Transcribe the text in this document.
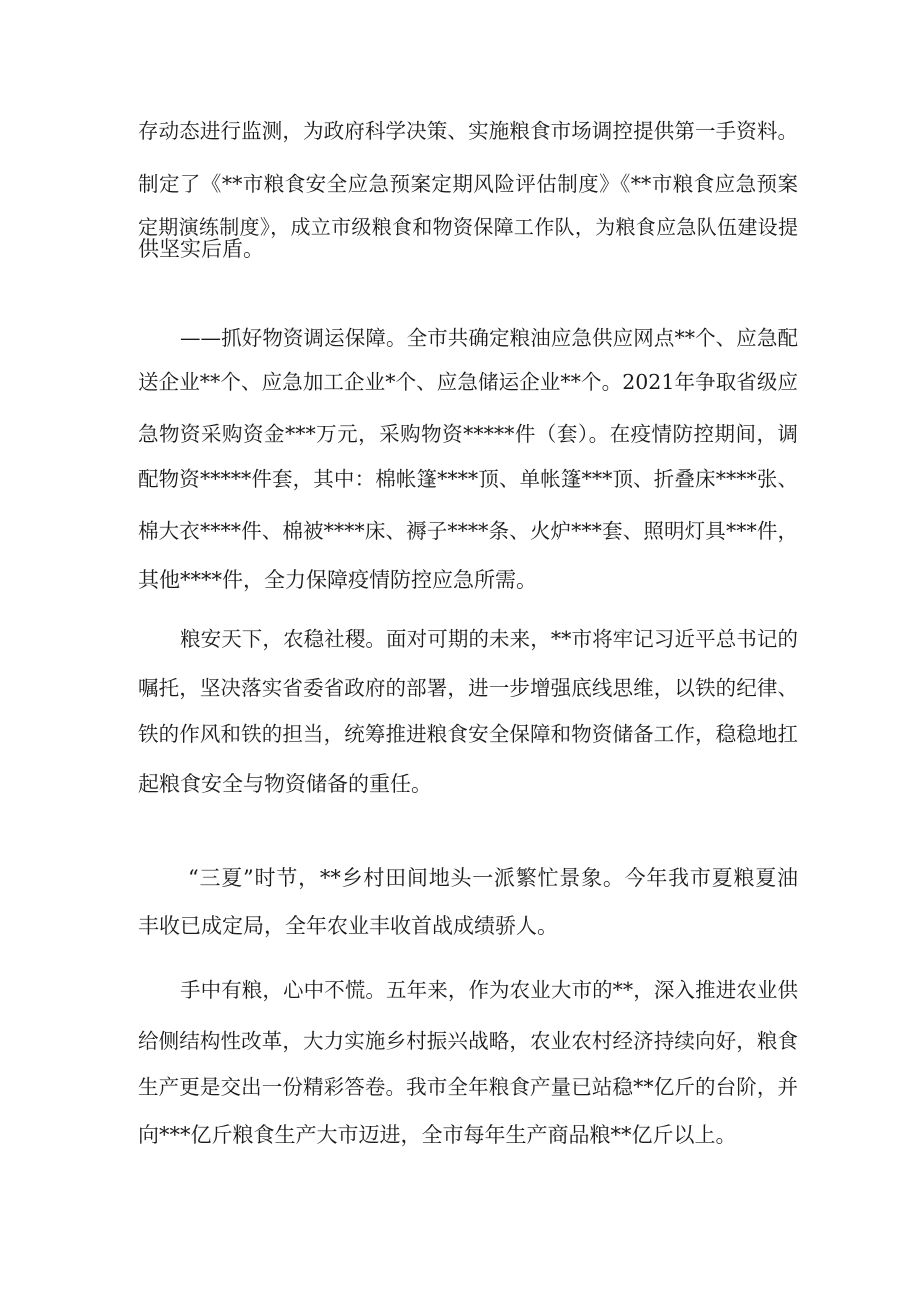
存动态进行监测，为政府科学决策、实施粮食市场调控提供第一手资料。
制定了《**市粮食安全应急预案定期风险评估制度》《**市粮食应急预案
定期演练制度》，成立市级粮食和物资保障工作队，为粮食应急队伍建设提
供坚实后盾。
——抓好物资调运保障。全市共确定粮油应急供应网点**个、应急配
送企业**个、应急加工企业*个、应急储运企业**个。2021年争取省级应
急物资采购资金***万元，采购物资*****件（套）。在疫情防控期间，调
配物资*****件套，其中：棉帐篷****顶、单帐篷***顶、折叠床****张、
棉大衣****件、棉被****床、褥子****条、火炉***套、照明灯具***件，
其他****件，全力保障疫情防控应急所需。
粮安天下，农稳社稷。面对可期的未来，**市将牢记习近平总书记的
嘱托，坚决落实省委省政府的部署，进一步增强底线思维，以铁的纪律、
铁的作风和铁的担当，统筹推进粮食安全保障和物资储备工作，稳稳地扛
起粮食安全与物资储备的重任。
“三夏”时节，**乡村田间地头一派繁忙景象。今年我市夏粮夏油
丰收已成定局，全年农业丰收首战成绩骄人。
手中有粮，心中不慌。五年来，作为农业大市的**，深入推进农业供
给侧结构性改革，大力实施乡村振兴战略，农业农村经济持续向好，粮食
生产更是交出一份精彩答卷。我市全年粮食产量已站稳**亿斤的台阶，并
向***亿斤粮食生产大市迈进，全市每年生产商品粮**亿斤以上。
